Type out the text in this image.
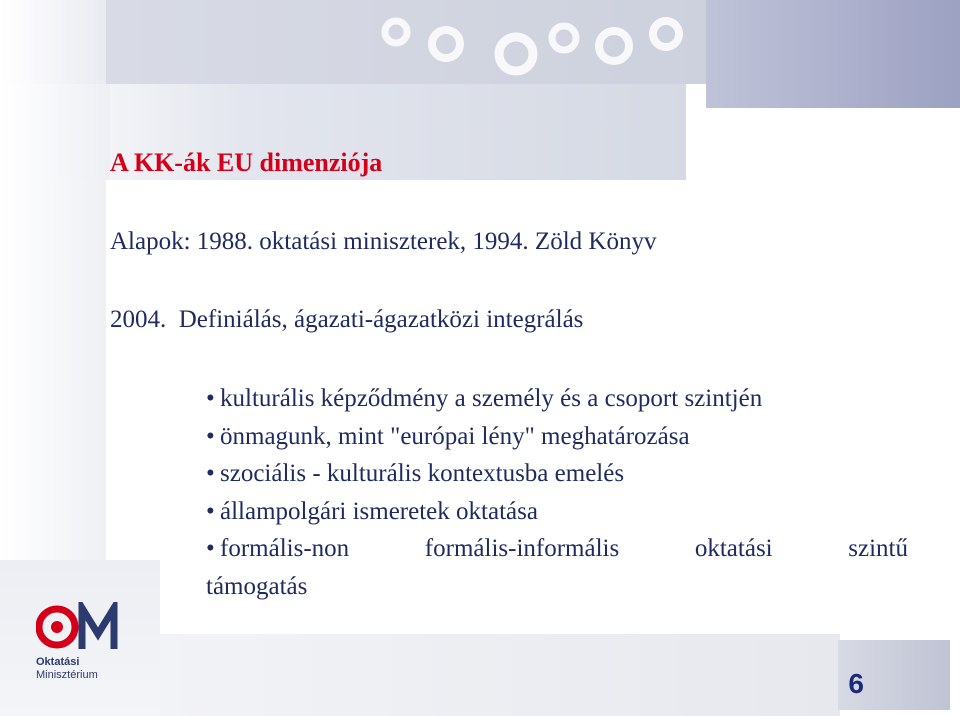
A KK-ák EU dimenziója

Alapok: 1988. oktatási miniszterek, 1994. Zöld Könyv

2004.  Definiálás, ágazati-ágazatközi integrálás

• kulturális képződmény a személy és a csoport szintjén
• önmagunk, mint "európai lény" meghatározása
• szociális - kulturális kontextusba emelés
• állampolgári ismeretek oktatása
• formális-non formális-informális oktatási szintű
támogatás
Oktatási
Minisztérium	6
